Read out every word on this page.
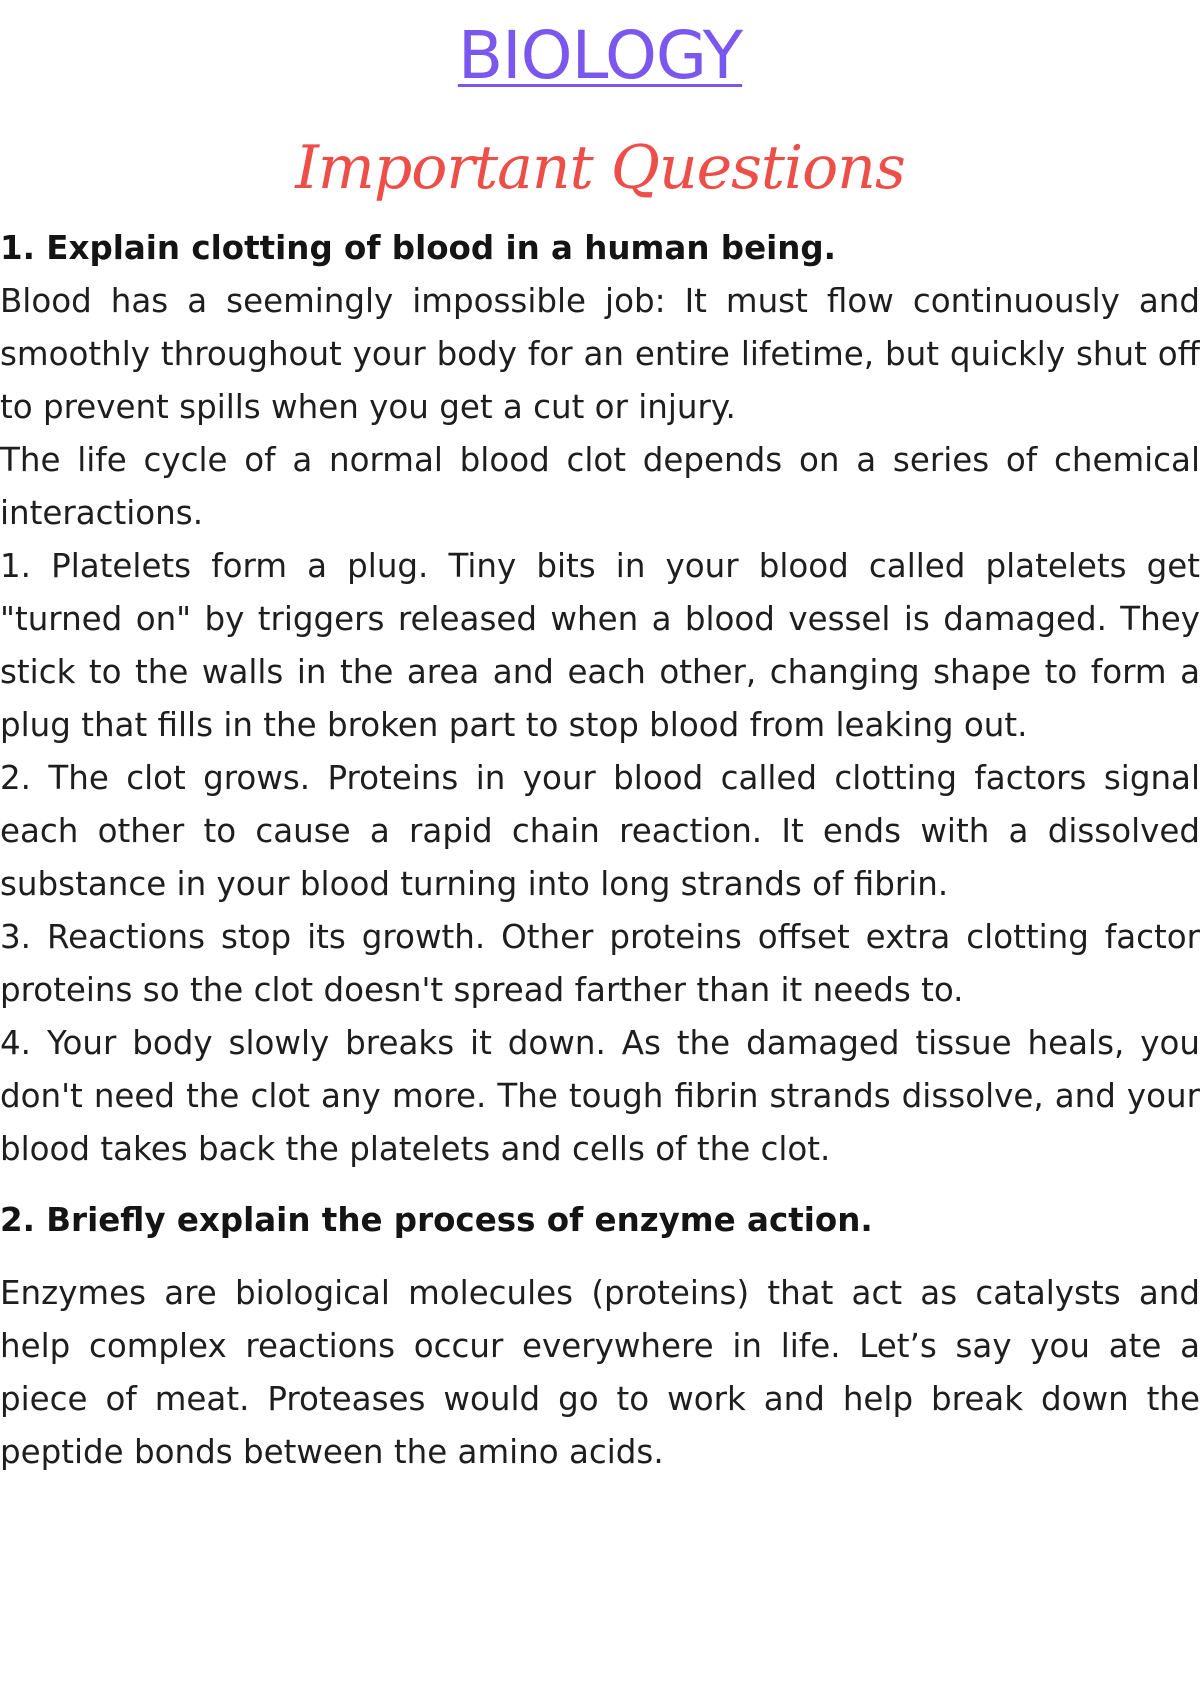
BIOLOGY
Important Questions
1. Explain clotting of blood in a human being.

Blood has a seemingly impossible job: It must flow continuously and smoothly throughout your body for an entire lifetime, but quickly shut off to prevent spills when you get a cut or injury.

The life cycle of a normal blood clot depends on a series of chemical interactions.

1. Platelets form a plug. Tiny bits in your blood called platelets get "turned on" by triggers released when a blood vessel is damaged. They stick to the walls in the area and each other, changing shape to form a plug that fills in the broken part to stop blood from leaking out.

2. The clot grows. Proteins in your blood called clotting factors signal each other to cause a rapid chain reaction. It ends with a dissolved substance in your blood turning into long strands of fibrin.

3. Reactions stop its growth. Other proteins offset extra clotting factor proteins so the clot doesn't spread farther than it needs to.

4. Your body slowly breaks it down. As the damaged tissue heals, you don't need the clot any more. The tough fibrin strands dissolve, and your blood takes back the platelets and cells of the clot.

2. Briefly explain the process of enzyme action.

Enzymes are biological molecules (proteins) that act as catalysts and help complex reactions occur everywhere in life. Let’s say you ate a piece of meat. Proteases would go to work and help break down the peptide bonds between the amino acids.
